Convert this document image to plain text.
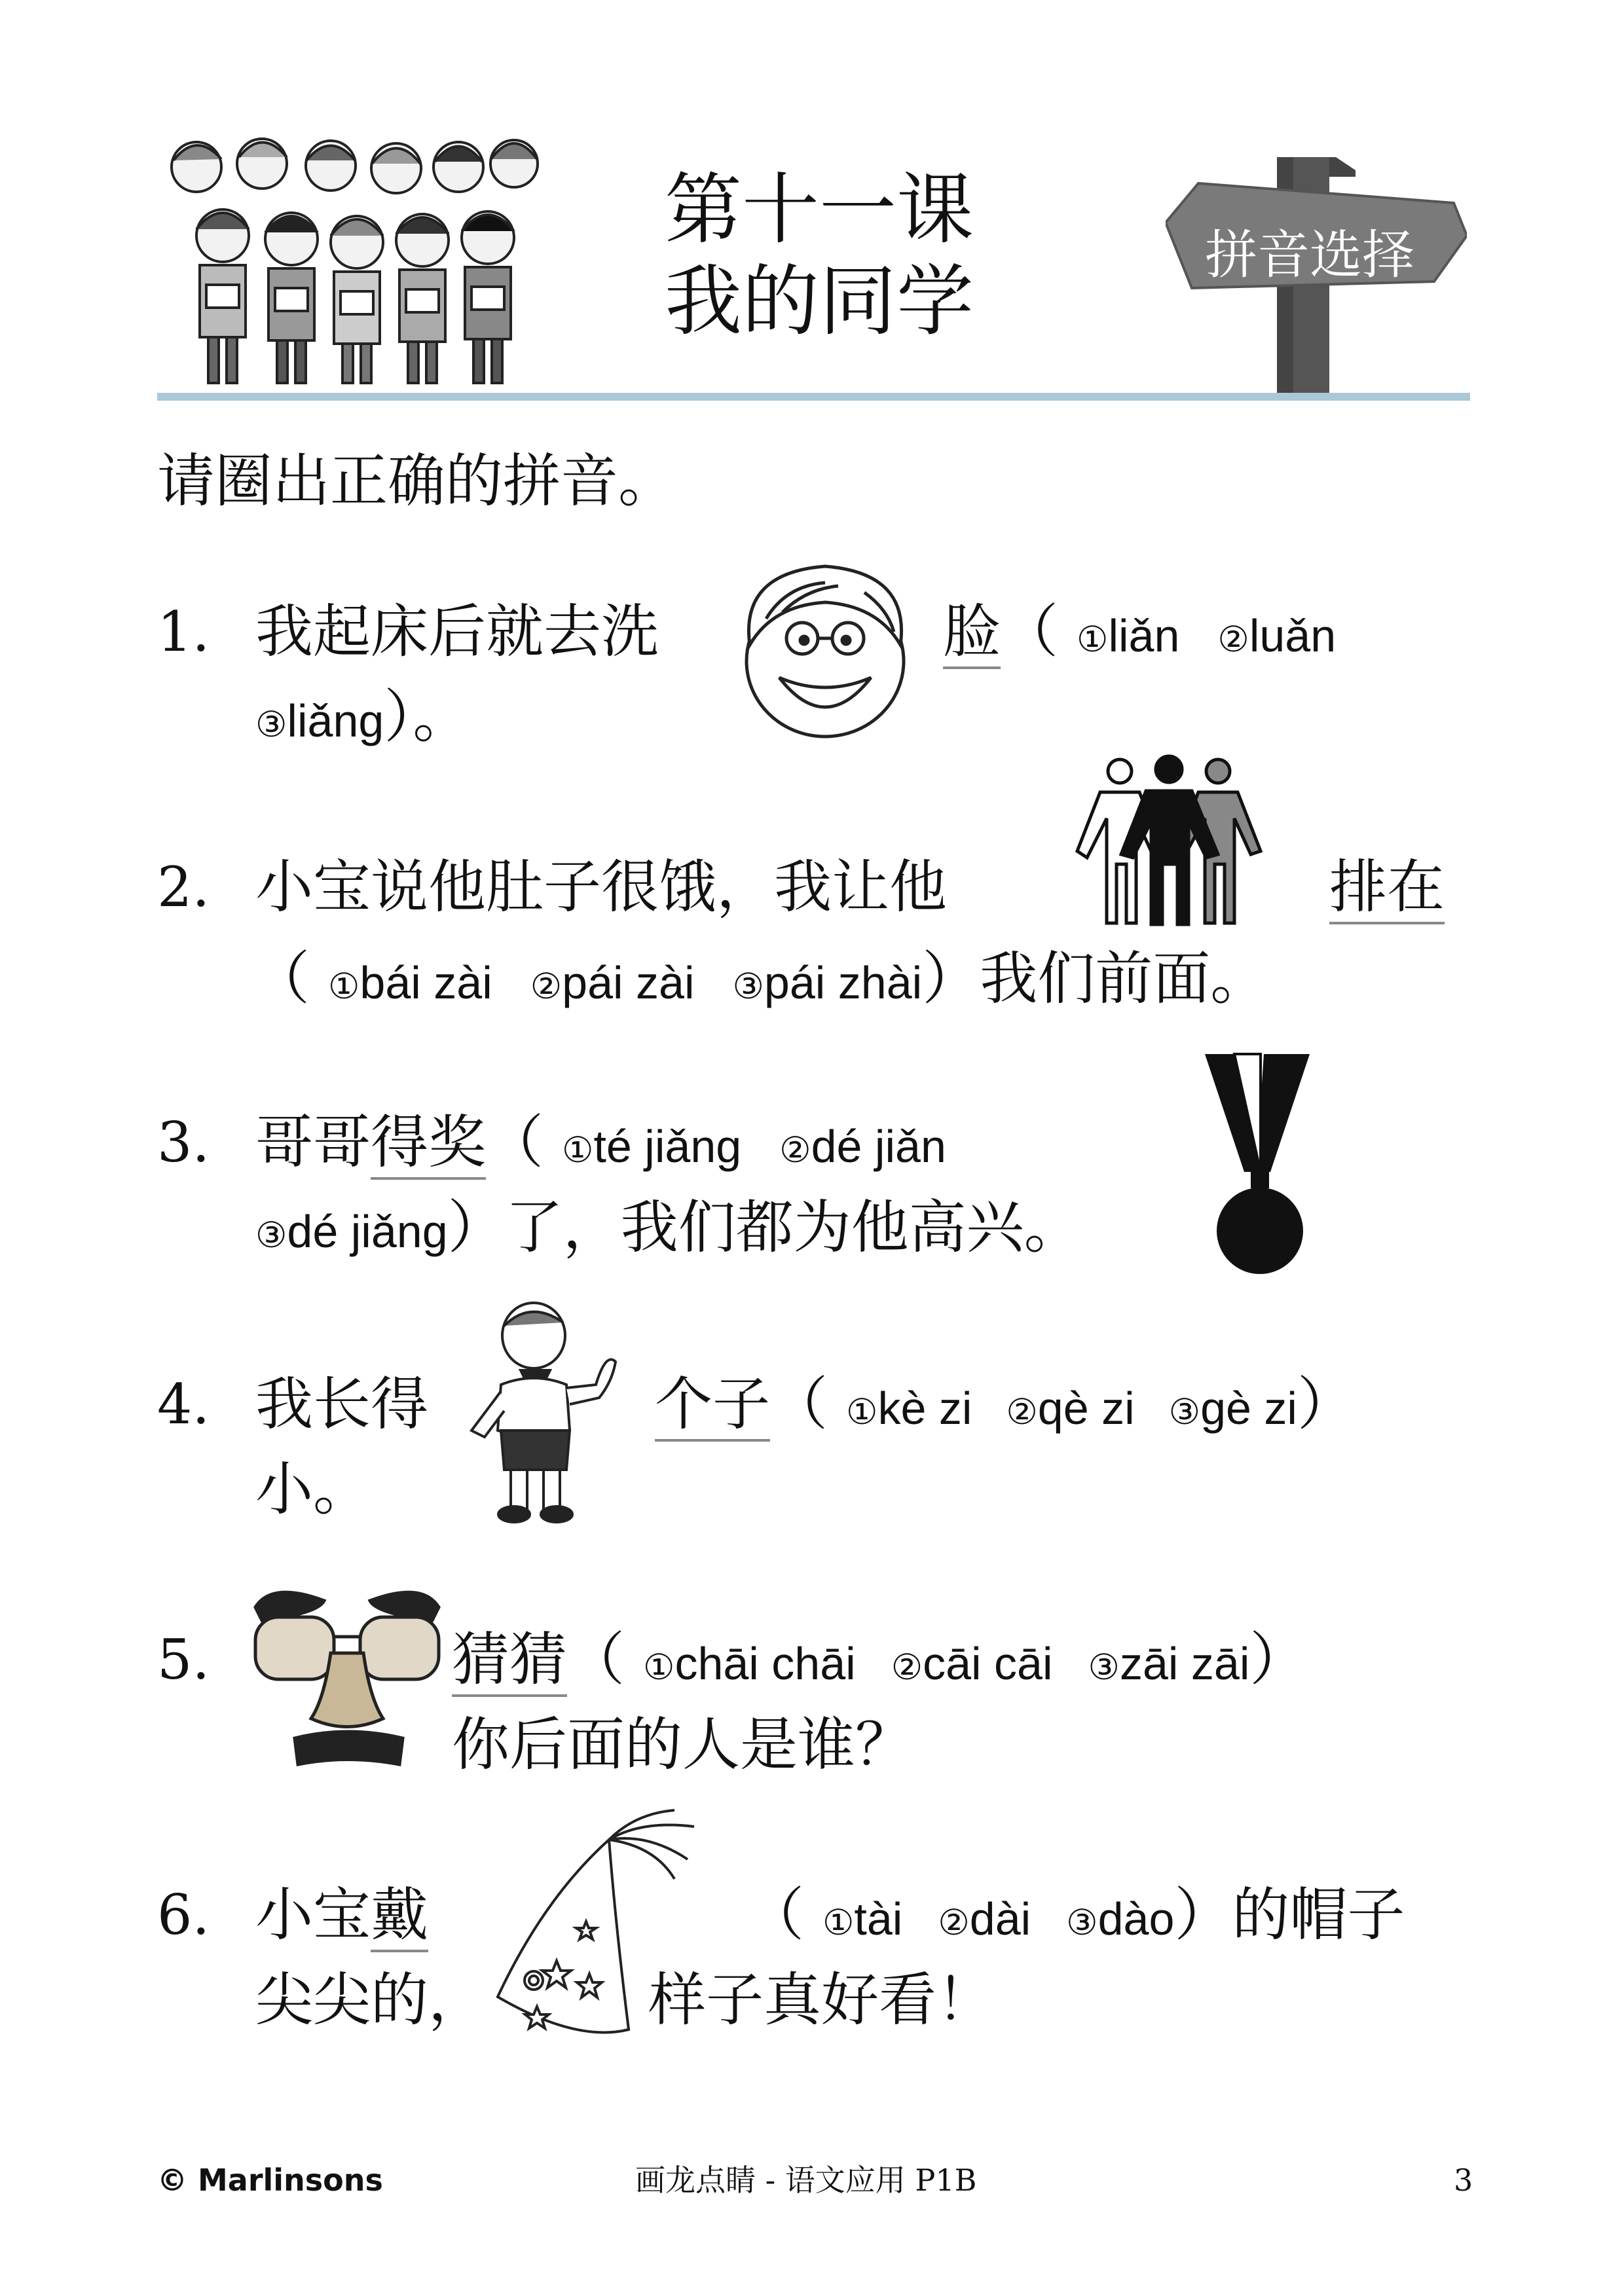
第十一课
我的同学
拼音选择
请圈出正确的拼音。
1. 我起床后就去洗	脸（ ①liǎn ②luǎn
③liǎng）。
2. 小宝说他肚子很饿，我让他	排在
（ ①bái zài ②pái zài ③pái zhài）我们前面。
3. 哥哥得奖（ ①té jiǎng ②dé jiǎn
③dé jiǎng）了，我们都为他高兴。
4. 我长得	个子（ ①kè zi ②qè zi ③gè zi）
小。
5.	猜猜（ ①chāi chāi ②cāi cāi ③zāi zāi）
你后面的人是谁？
6. 小宝戴	（ ①tài ②dài ③dào）的帽子
尖尖的，	样子真好看！
© Marlinsons	画龙点睛 - 语文应用 P1B	3
